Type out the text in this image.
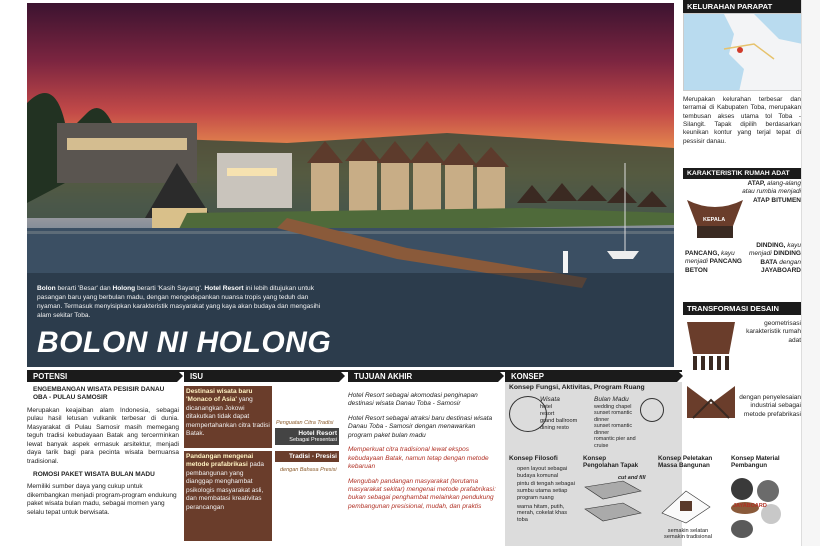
Bolon berarti 'Besar' dan Holong berarti 'Kasih Sayang'. Hotel Resort ini lebih ditujukan untuk pasangan baru yang berbulan madu, dengan mengedepankan nuansa tropis yang teduh dan nyaman. Termasuk menyisipkan karakteristik masyarakat yang kaya akan budaya dan mengasihi alam sekitar Toba.
BOLON NI HOLONG
KELURAHAN PARAPAT
Merupakan kelurahan terbesar dan terramai di Kabupaten Toba, merupakan tembusan akses utama tol Toba - Silangit. Tapak dipilih berdasarkan keunikan kontur yang terjal tepat di pessisir danau.
KARAKTERISTIK RUMAH ADAT
KEPALA
ATAP, alang-alang atau rumbia menjadi ATAP BITUMEN
DINDING, kayu menjadi DINDING BATA dengan JAYABOARD
PANCANG, kayu menjadi PANCANG BETON
TRANSFORMASI DESAIN
geometrisasi karakteristik rumah adat
dengan penyelesaian industrial sebagai metode prefabrikasi
POTENSI	ISU	TUJUAN AKHIR	KONSEP
ENGEMBANGAN WISATA PESISIR DANAU OBA - PULAU SAMOSIR
Merupakan keajaiban alam Indonesia, sebagai pulau hasil letusan vulkanik terbesar di dunia. Masyarakat di Pulau Samosir masih memegang teguh tradisi kebudayaan Batak ang tercerminkan lewat banyak aspek ermasuk arsitektur, menjadi daya tarik bagi para pecinta wisata bernuansa tradisional.
ROMOSI PAKET WISATA BULAN MADU
Memiliki sumber daya yang cukup untuk dikembangkan menjadi program-program endukung paket wisata bulan madu, sebagai momen yang selalu tepat untuk berwisata.
Destinasi wisata baru 'Monaco of Asia' yang dicanangkan Jokowi ditakutkan tidak dapat mempertahankan citra tradisi Batak.
Pandangan mengenai metode prafabrikasi pada pembangunan yang dianggap menghambat psikologis masyarakat asli, dan membatasi kreativitas perancangan
Penguatan Citra Tradisi
Hotel Resort
Sebagai Presentasi
Tradisi - Presisi
dengan Bahasa Presisi
Hotel Resort sebagai akomodasi penginapan destinasi wisata Danau Toba - Samosir
Hotel Resort sebagai atraksi baru destinasi wisata Danau Toba - Samosir dengan menawarkan program paket bulan madu
Memperkuat citra tradisional lewat ekspos kebudayaan Batak, namun tetap dengan metode kebaruan
Mengubah pandangan masyarakat (terutama masyarakat sekitar) mengenai metode prafabrikasi: bukan sebagai penghambat melainkan pendukung pembangunan presisional, mudah, dan praktis
Konsep Fungsi, Aktivitas, Program Ruang
Wisata
hotel
resort
grand ballroom
dining resto
Bulan Madu
wedding chapel
sunset romantic dinner
sunset romantic dinner
romantic pier and cruise
Konsep Filosofi
open layout sebagai budaya komunal
pintu di tengah sebagai sumbu utama setiap program ruang
warna hitam, putih, merah, cokelat khas toba
Konsep Pengolahan Tapak
cut and fill
Konsep Peletakan Massa Bangunan
semakin selatan semakin tradisional
Konsep Material Pembangun
JAYABOARD
